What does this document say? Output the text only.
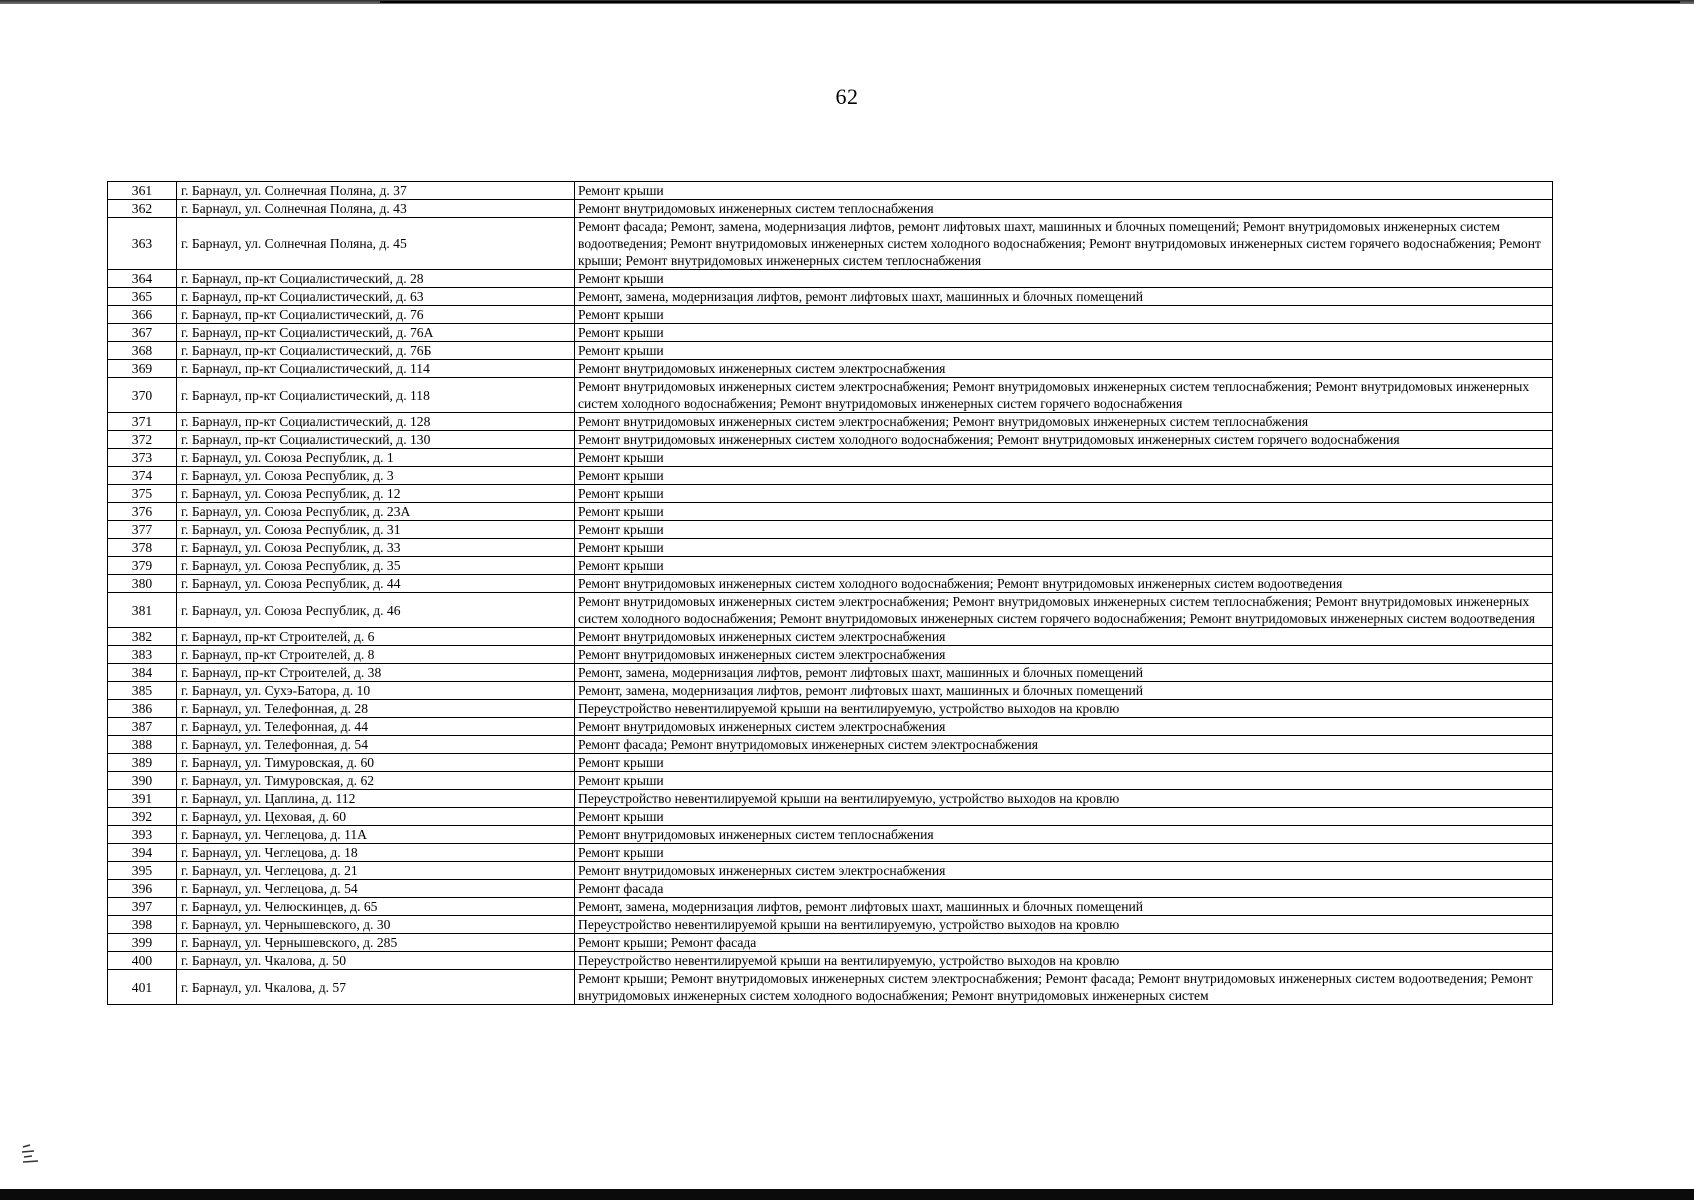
62
361	г. Барнаул, ул. Солнечная Поляна, д. 37	Ремонт крыши
362	г. Барнаул, ул. Солнечная Поляна, д. 43	Ремонт внутридомовых инженерных систем теплоснабжения
363	г. Барнаул, ул. Солнечная Поляна, д. 45	Ремонт фасада; Ремонт, замена, модернизация лифтов, ремонт лифтовых шахт, машинных и блочных помещений; Ремонт внутридомовых инженерных систем водоотведения; Ремонт внутридомовых инженерных систем холодного водоснабжения; Ремонт внутридомовых инженерных систем горячего водоснабжения; Ремонт крыши; Ремонт внутридомовых инженерных систем теплоснабжения
364	г. Барнаул, пр-кт Социалистический, д. 28	Ремонт крыши
365	г. Барнаул, пр-кт Социалистический, д. 63	Ремонт, замена, модернизация лифтов, ремонт лифтовых шахт, машинных и блочных помещений
366	г. Барнаул, пр-кт Социалистический, д. 76	Ремонт крыши
367	г. Барнаул, пр-кт Социалистический, д. 76А	Ремонт крыши
368	г. Барнаул, пр-кт Социалистический, д. 76Б	Ремонт крыши
369	г. Барнаул, пр-кт Социалистический, д. 114	Ремонт внутридомовых инженерных систем электроснабжения
370	г. Барнаул, пр-кт Социалистический, д. 118	Ремонт внутридомовых инженерных систем электроснабжения; Ремонт внутридомовых инженерных систем теплоснабжения; Ремонт внутридомовых инженерных систем холодного водоснабжения; Ремонт внутридомовых инженерных систем горячего водоснабжения
371	г. Барнаул, пр-кт Социалистический, д. 128	Ремонт внутридомовых инженерных систем электроснабжения; Ремонт внутридомовых инженерных систем теплоснабжения
372	г. Барнаул, пр-кт Социалистический, д. 130	Ремонт внутридомовых инженерных систем холодного водоснабжения; Ремонт внутридомовых инженерных систем горячего водоснабжения
373	г. Барнаул, ул. Союза Республик, д. 1	Ремонт крыши
374	г. Барнаул, ул. Союза Республик, д. 3	Ремонт крыши
375	г. Барнаул, ул. Союза Республик, д. 12	Ремонт крыши
376	г. Барнаул, ул. Союза Республик, д. 23А	Ремонт крыши
377	г. Барнаул, ул. Союза Республик, д. 31	Ремонт крыши
378	г. Барнаул, ул. Союза Республик, д. 33	Ремонт крыши
379	г. Барнаул, ул. Союза Республик, д. 35	Ремонт крыши
380	г. Барнаул, ул. Союза Республик, д. 44	Ремонт внутридомовых инженерных систем холодного водоснабжения; Ремонт внутридомовых инженерных систем водоотведения
381	г. Барнаул, ул. Союза Республик, д. 46	Ремонт внутридомовых инженерных систем электроснабжения; Ремонт внутридомовых инженерных систем теплоснабжения; Ремонт внутридомовых инженерных систем холодного водоснабжения; Ремонт внутридомовых инженерных систем горячего водоснабжения; Ремонт внутридомовых инженерных систем водоотведения
382	г. Барнаул, пр-кт Строителей, д. 6	Ремонт внутридомовых инженерных систем электроснабжения
383	г. Барнаул, пр-кт Строителей, д. 8	Ремонт внутридомовых инженерных систем электроснабжения
384	г. Барнаул, пр-кт Строителей, д. 38	Ремонт, замена, модернизация лифтов, ремонт лифтовых шахт, машинных и блочных помещений
385	г. Барнаул, ул. Сухэ-Батора, д. 10	Ремонт, замена, модернизация лифтов, ремонт лифтовых шахт, машинных и блочных помещений
386	г. Барнаул, ул. Телефонная, д. 28	Переустройство невентилируемой крыши на вентилируемую, устройство выходов на кровлю
387	г. Барнаул, ул. Телефонная, д. 44	Ремонт внутридомовых инженерных систем электроснабжения
388	г. Барнаул, ул. Телефонная, д. 54	Ремонт фасада; Ремонт внутридомовых инженерных систем электроснабжения
389	г. Барнаул, ул. Тимуровская, д. 60	Ремонт крыши
390	г. Барнаул, ул. Тимуровская, д. 62	Ремонт крыши
391	г. Барнаул, ул. Цаплина, д. 112	Переустройство невентилируемой крыши на вентилируемую, устройство выходов на кровлю
392	г. Барнаул, ул. Цеховая, д. 60	Ремонт крыши
393	г. Барнаул, ул. Чеглецова, д. 11А	Ремонт внутридомовых инженерных систем теплоснабжения
394	г. Барнаул, ул. Чеглецова, д. 18	Ремонт крыши
395	г. Барнаул, ул. Чеглецова, д. 21	Ремонт внутридомовых инженерных систем электроснабжения
396	г. Барнаул, ул. Чеглецова, д. 54	Ремонт фасада
397	г. Барнаул, ул. Челюскинцев, д. 65	Ремонт, замена, модернизация лифтов, ремонт лифтовых шахт, машинных и блочных помещений
398	г. Барнаул, ул. Чернышевского, д. 30	Переустройство невентилируемой крыши на вентилируемую, устройство выходов на кровлю
399	г. Барнаул, ул. Чернышевского, д. 285	Ремонт крыши; Ремонт фасада
400	г. Барнаул, ул. Чкалова, д. 50	Переустройство невентилируемой крыши на вентилируемую, устройство выходов на кровлю
401	г. Барнаул, ул. Чкалова, д. 57	Ремонт крыши; Ремонт внутридомовых инженерных систем электроснабжения; Ремонт фасада; Ремонт внутридомовых инженерных систем водоотведения; Ремонт внутридомовых инженерных систем холодного водоснабжения; Ремонт внутридомовых инженерных систем
